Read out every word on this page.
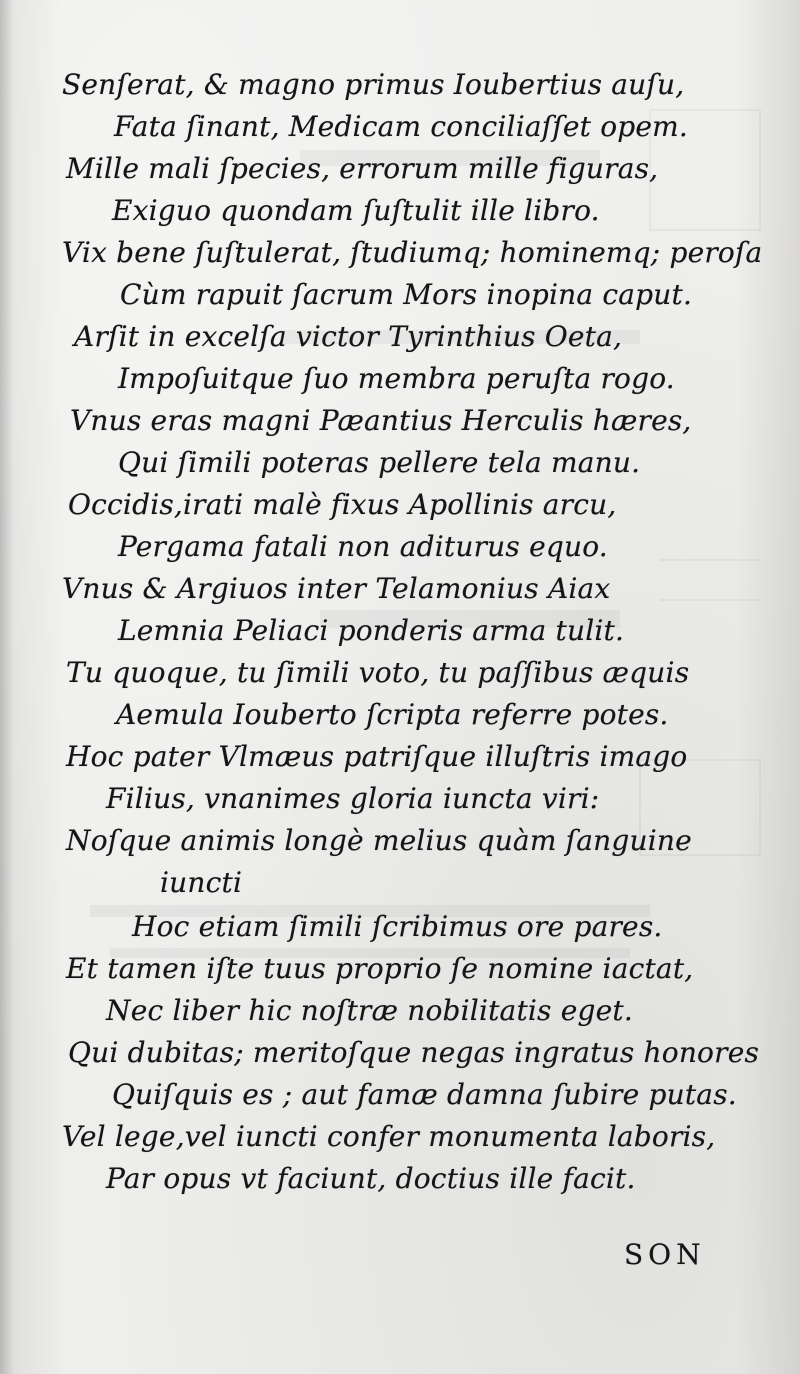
Senſerat, & magno primus Ioubertius auſu,
Fata ſinant, Medicam conciliaſſet opem.
Mille mali ſpecies, errorum mille figuras,
Exiguo quondam ſuſtulit ille libro.
Vix bene ſuſtulerat, ſtudiumq; hominemq; peroſa
Cùm rapuit ſacrum Mors inopina caput.
Arſit in excelſa victor Tyrinthius Oeta,
Impoſuitque ſuo membra peruſta rogo.
Vnus eras magni Pæantius Herculis hæres,
Qui ſimili poteras pellere tela manu.
Occidis,irati malè fixus Apollinis arcu,
Pergama fatali non aditurus equo.
Vnus & Argiuos inter Telamonius Aiax
Lemnia Peliaci ponderis arma tulit.
Tu quoque, tu ſimili voto, tu paſſibus æquis
Aemula Iouberto ſcripta referre potes.
Hoc pater Vlmæus patriſque illuſtris imago
Filius, vnanimes gloria iuncta viri:
Noſque animis longè melius quàm ſanguine
iuncti
Hoc etiam ſimili ſcribimus ore pares.
Et tamen iſte tuus proprio ſe nomine iactat,
Nec liber hic noſtræ nobilitatis eget.
Qui dubitas; meritoſque negas ingratus honores
Quiſquis es ; aut famæ damna ſubire putas.
Vel lege,vel iuncti confer monumenta laboris,
Par opus vt faciunt, doctius ille facit.
SON
